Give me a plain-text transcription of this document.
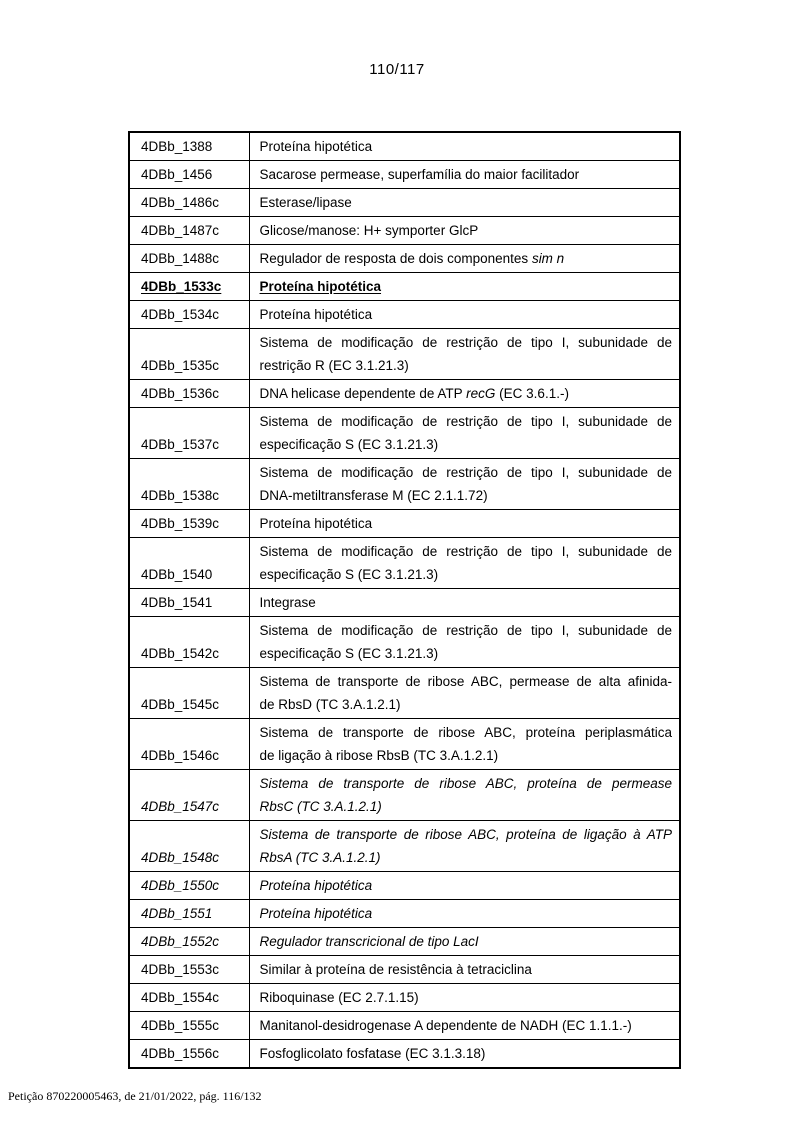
110/117
4DBb_1388	Proteína hipotética

4DBb_1456	Sacarose permease, superfamília do maior facilitador

4DBb_1486c	Esterase/lipase

4DBb_1487c	Glicose/manose: H+ symporter GlcP

4DBb_1488c	Regulador de resposta de dois componentes sim n

4DBb_1533c	Proteína hipotética

4DBb_1534c	Proteína hipotética

4DBb_1535c	Sistema de modificação de restrição de tipo I, subunidade de
restrição R (EC 3.1.21.3)

4DBb_1536c	DNA helicase dependente de ATP recG (EC 3.6.1.-)

4DBb_1537c	Sistema de modificação de restrição de tipo I, subunidade de
especificação S (EC 3.1.21.3)

4DBb_1538c	Sistema de modificação de restrição de tipo I, subunidade de
DNA-metiltransferase M (EC 2.1.1.72)

4DBb_1539c	Proteína hipotética

4DBb_1540	Sistema de modificação de restrição de tipo I, subunidade de
especificação S (EC 3.1.21.3)

4DBb_1541	Integrase

4DBb_1542c	Sistema de modificação de restrição de tipo I, subunidade de
especificação S (EC 3.1.21.3)

4DBb_1545c	Sistema de transporte de ribose ABC, permease de alta afinida-
de RbsD (TC 3.A.1.2.1)

4DBb_1546c	Sistema de transporte de ribose ABC, proteína periplasmática
de ligação à ribose RbsB (TC 3.A.1.2.1)

4DBb_1547c	Sistema de transporte de ribose ABC, proteína de permease
RbsC (TC 3.A.1.2.1)

4DBb_1548c	Sistema de transporte de ribose ABC, proteína de ligação à ATP
RbsA (TC 3.A.1.2.1)

4DBb_1550c	Proteína hipotética

4DBb_1551	Proteína hipotética

4DBb_1552c	Regulador transcricional de tipo LacI

4DBb_1553c	Similar à proteína de resistência à tetraciclina

4DBb_1554c	Riboquinase (EC 2.7.1.15)

4DBb_1555c	Manitanol-desidrogenase A dependente de NADH (EC 1.1.1.-)

4DBb_1556c	Fosfoglicolato fosfatase (EC 3.1.3.18)
Petição 870220005463, de 21/01/2022, pág. 116/132
